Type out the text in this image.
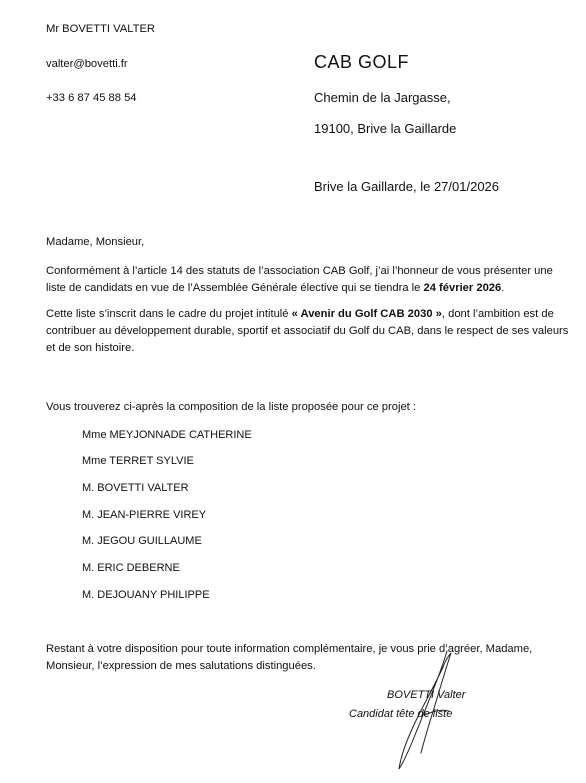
Mr BOVETTI VALTER
valter@bovetti.fr
+33 6 87 45 88 54
CAB GOLF
Chemin de la Jargasse,
19100, Brive la Gaillarde
Brive la Gaillarde, le 27/01/2026
Madame, Monsieur,
Conformément à l’article 14 des statuts de l’association CAB Golf, j’ai l’honneur de vous présenter une liste de candidats en vue de l’Assemblée Générale élective qui se tiendra le 24 février 2026.
Cette liste s’inscrit dans le cadre du projet intitulé « Avenir du Golf CAB 2030 », dont l’ambition est de contribuer au développement durable, sportif et associatif du Golf du CAB, dans le respect de ses valeurs et de son histoire.
Vous trouverez ci-après la composition de la liste proposée pour ce projet :
Mme MEYJONNADE CATHERINE
Mme TERRET SYLVIE
M. BOVETTI VALTER
M. JEAN-PIERRE VIREY
M. JEGOU GUILLAUME
M. ERIC DEBERNE
M. DEJOUANY PHILIPPE
Restant à votre disposition pour toute information complémentaire, je vous prie d’agréer, Madame, Monsieur, l’expression de mes salutations distinguées.
BOVETTI Valter
Candidat tête de liste
